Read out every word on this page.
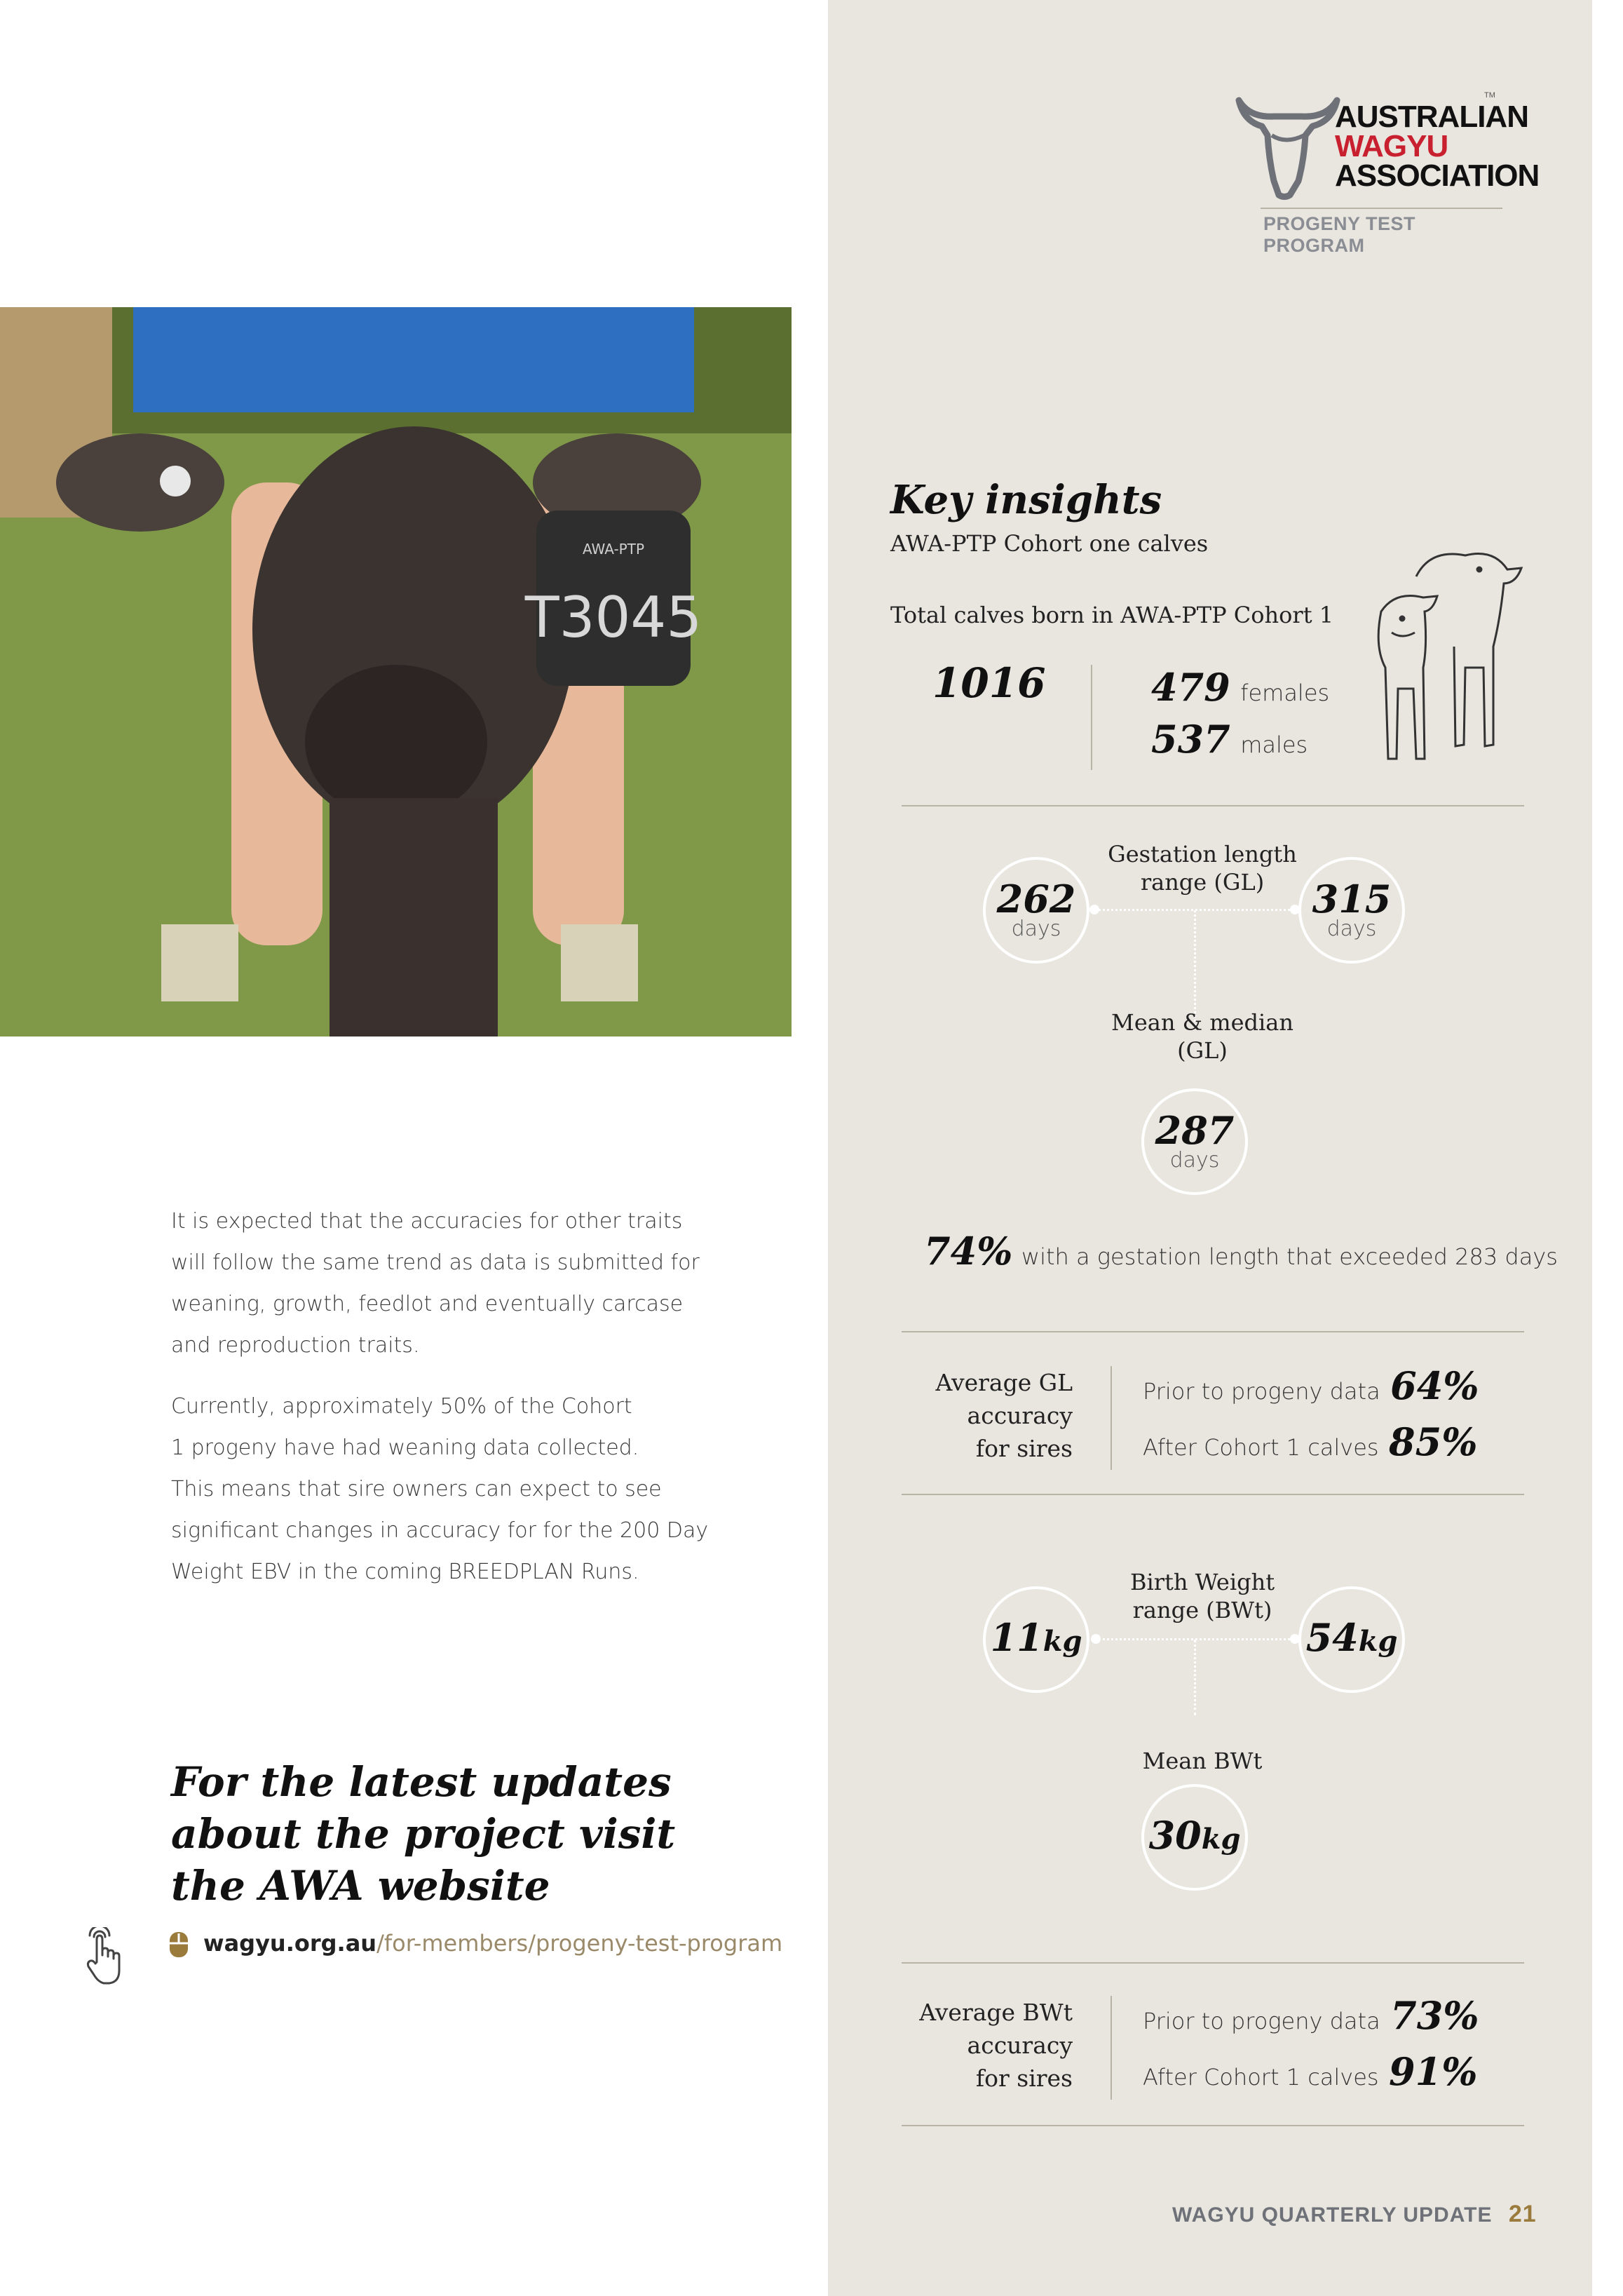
AUSTRALIAN
WAGYU
ASSOCIATION
TM
PROGENY TEST PROGRAM
AWA-PTP
T3045
Key insights
AWA-PTP Cohort one calves
Total calves born in AWA-PTP Cohort 1
1016	479 females
537 males
Gestation length
range (GL)
262
days
315
days
Mean & median
(GL)
287
days
74% with a gestation length that exceeded 283 days
Average GL
accuracy
for sires
Prior to progeny data 64%
After Cohort 1 calves 85%
Birth Weight
range (BWt)
11kg	54kg
Mean BWt
30kg
Average BWt
accuracy
for sires
Prior to progeny data 73%
After Cohort 1 calves 91%
It is expected that the accuracies for other traits
will follow the same trend as data is submitted for
weaning, growth, feedlot and eventually carcase
and reproduction traits.
Currently, approximately 50% of the Cohort
1 progeny have had weaning data collected.
This means that sire owners can expect to see
significant changes in accuracy for for the 200 Day
Weight EBV in the coming BREEDPLAN Runs.
For the latest updates
about the project visit
the AWA website
wagyu.org.au/for-members/progeny-test-program
WAGYU QUARTERLY UPDATE 21
